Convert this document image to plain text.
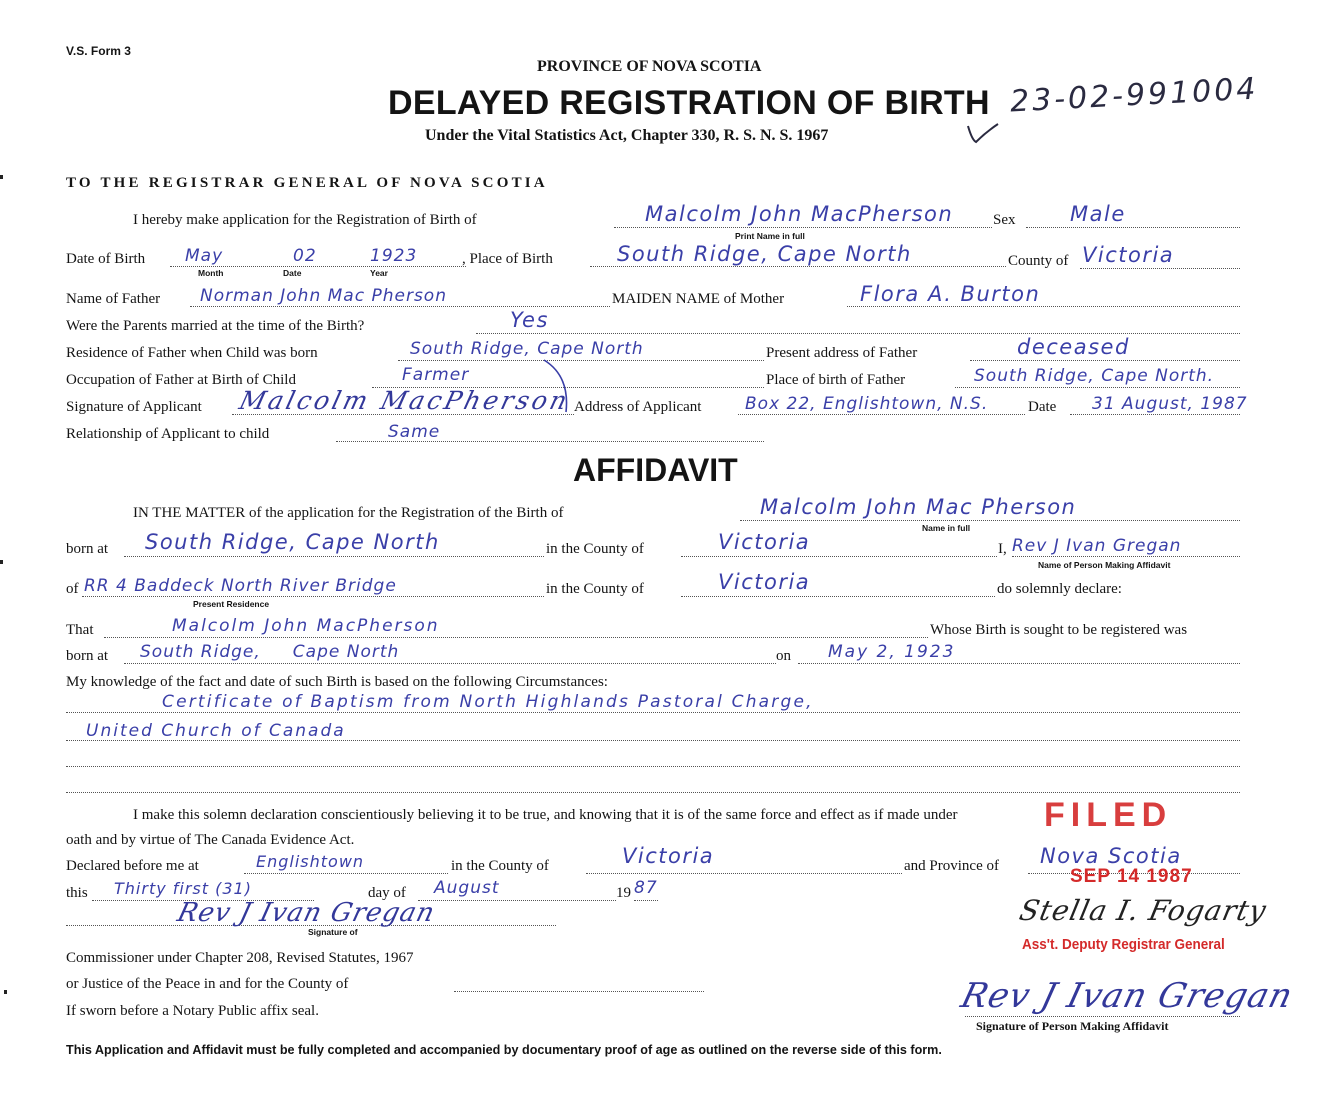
V.S. Form 3
PROVINCE OF NOVA SCOTIA
DELAYED REGISTRATION OF BIRTH
Under the Vital Statistics Act, Chapter 330, R. S. N. S. 1967
23-02-991004
TO THE REGISTRAR GENERAL OF NOVA SCOTIA
I hereby make application for the Registration of Birth of	Malcolm John MacPherson
Print Name in full
Sex	Male
Date of Birth May	02	1923
Month	Date	Year
, Place of Birth	South Ridge, Cape North	County of Victoria
Name of Father Norman John Mac Pherson	MAIDEN NAME of Mother	Flora A. Burton
Were the Parents married at the time of the Birth?	Yes
Residence of Father when Child was born	South Ridge, Cape North	Present address of Father	deceased
Occupation of Father at Birth of Child	Farmer	Place of birth of Father	South Ridge, Cape North.
Signature of Applicant Malcolm MacPherson Address of Applicant	Box 22, Englishtown, N.S.	Date 31 August, 1987
Relationship of Applicant to child	Same
AFFIDAVIT
IN THE MATTER of the application for the Registration of the Birth of	Malcolm John Mac Pherson
Name in full
born at South Ridge, Cape North	in the County of	Victoria	I, Rev J Ivan Gregan
Name of Person Making Affidavit
of RR 4 Baddeck North River Bridge
Present Residence
in the County of	Victoria	do solemnly declare:
That	Malcolm John MacPherson	Whose Birth is sought to be registered was
born at South Ridge,     Cape North	on May 2, 1923
My knowledge of the fact and date of such Birth is based on the following Circumstances:
Certificate of Baptism from North Highlands Pastoral Charge,
United Church of Canada
I make this solemn declaration conscientiously believing it to be true, and knowing that it is of the same force and effect as if made under
oath and by virtue of The Canada Evidence Act.
Declared before me at	Englishtown	in the County of	Victoria	and Province of Nova Scotia
this Thirty first (31)	day of August	19 87
Rev J Ivan Gregan
Signature of
Commissioner under Chapter 208, Revised Statutes, 1967
or Justice of the Peace in and for the County of
If sworn before a Notary Public affix seal.
FILED
SEP 14 1987
Stella I. Fogarty
Ass't. Deputy Registrar General
Rev J Ivan Gregan
Signature of Person Making Affidavit
This Application and Affidavit must be fully completed and accompanied by documentary proof of age as outlined on the reverse side of this form.
